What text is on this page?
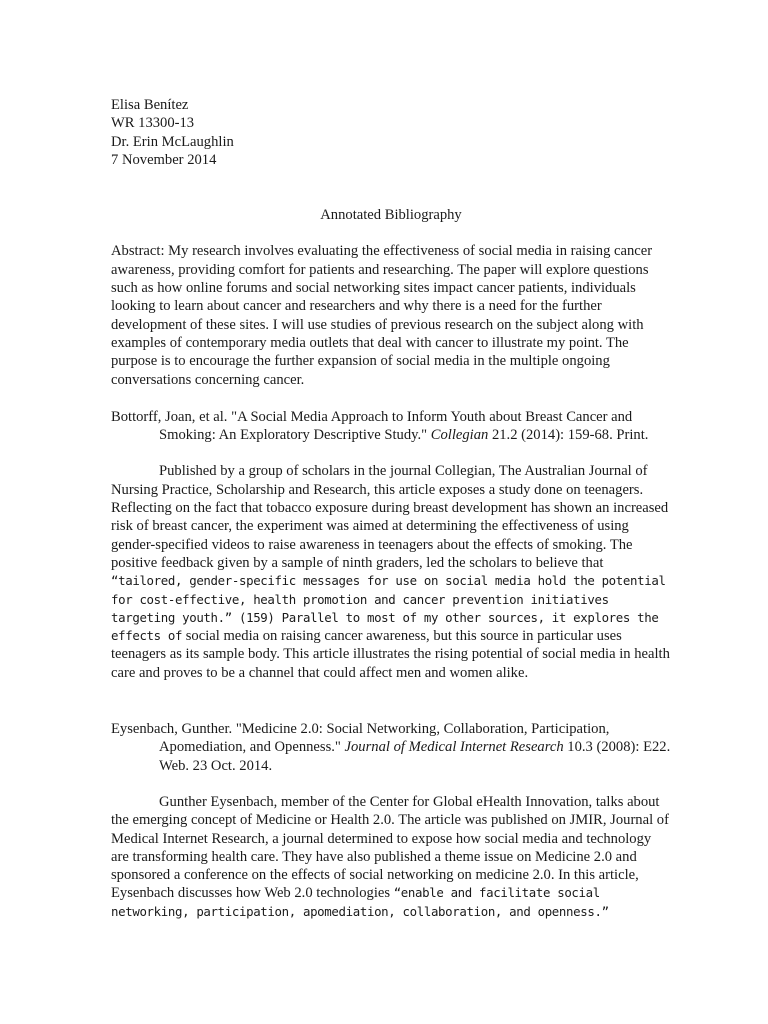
Elisa Benítez
WR 13300-13
Dr. Erin McLaughlin
7 November 2014
Annotated Bibliography

Abstract: My research involves evaluating the effectiveness of social media in raising cancer awareness, providing comfort for patients and researching. The paper will explore questions such as how online forums and social networking sites impact cancer patients, individuals looking to learn about cancer and researchers and why there is a need for the further development of these sites. I will use studies of previous research on the subject along with examples of contemporary media outlets that deal with cancer to illustrate my point. The purpose is to encourage the further expansion of social media in the multiple ongoing conversations concerning cancer.

Bottorff, Joan, et al. "A Social Media Approach to Inform Youth about Breast Cancer and Smoking: An Exploratory Descriptive Study." Collegian 21.2 (2014): 159-68. Print.

Published by a group of scholars in the journal Collegian, The Australian Journal of Nursing Practice, Scholarship and Research, this article exposes a study done on teenagers. Reflecting on the fact that tobacco exposure during breast development has shown an increased risk of breast cancer, the experiment was aimed at determining the effectiveness of using gender-specified videos to raise awareness in teenagers about the effects of smoking. The positive feedback given by a sample of ninth graders, led the scholars to believe that “tailored, gender-specific messages for use on social media hold the potential for cost-effective, health promotion and cancer prevention initiatives targeting youth.” (159) Parallel to most of my other sources, it explores the effects of social media on raising cancer awareness, but this source in particular uses teenagers as its sample body. This article illustrates the rising potential of social media in health care and proves to be a channel that could affect men and women alike.

Eysenbach, Gunther. "Medicine 2.0: Social Networking, Collaboration, Participation, Apomediation, and Openness." Journal of Medical Internet Research 10.3 (2008): E22. Web. 23 Oct. 2014.

Gunther Eysenbach, member of the Center for Global eHealth Innovation, talks about the emerging concept of Medicine or Health 2.0. The article was published on JMIR, Journal of Medical Internet Research, a journal determined to expose how social media and technology are transforming health care. They have also published a theme issue on Medicine 2.0 and sponsored a conference on the effects of social networking on medicine 2.0. In this article, Eysenbach discusses how Web 2.0 technologies “enable and facilitate social networking, participation, apomediation, collaboration, and openness.”
